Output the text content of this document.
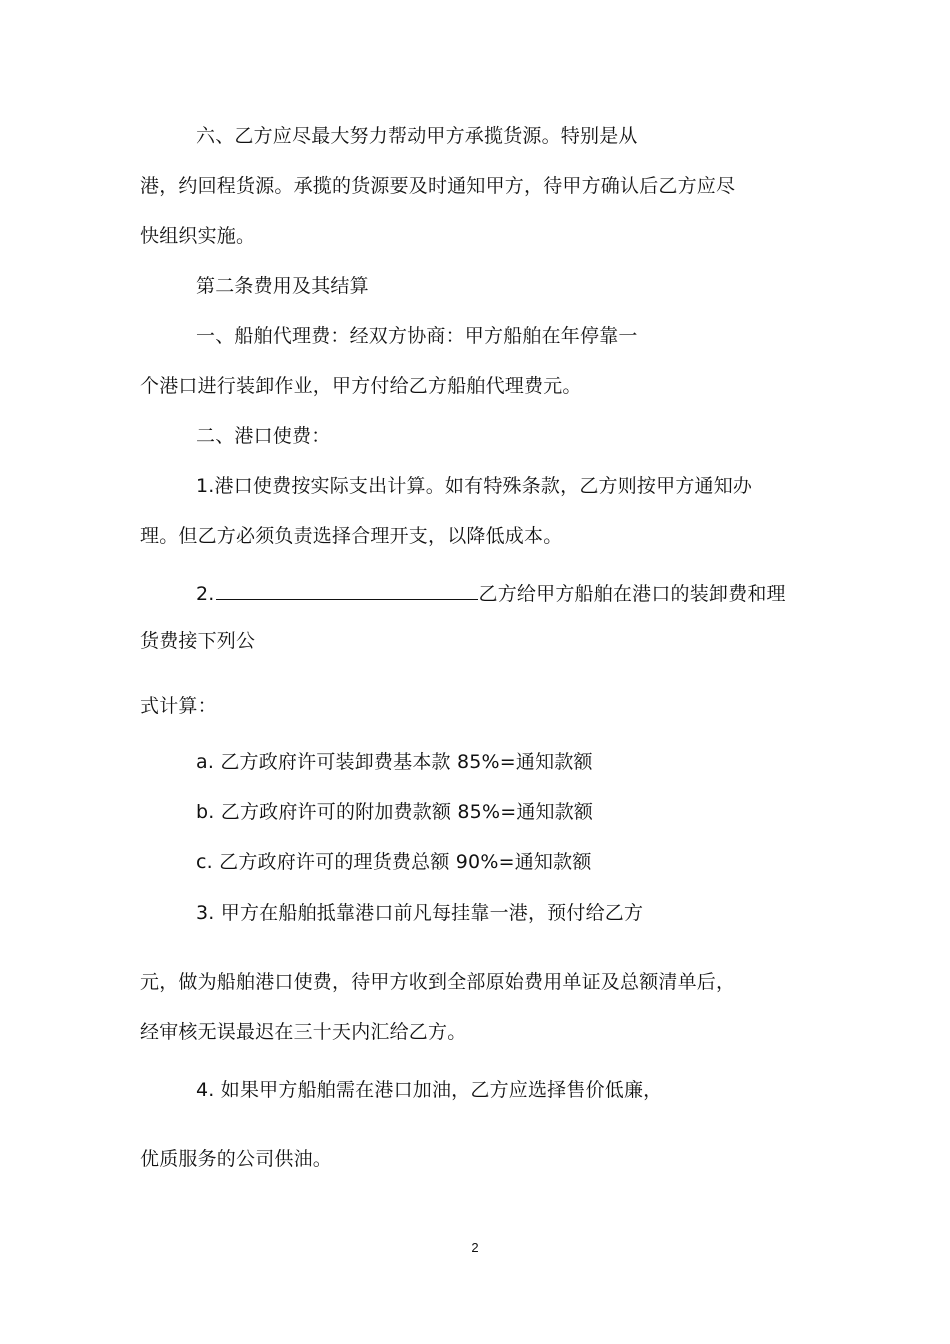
六、乙方应尽最大努力帮动甲方承揽货源。特别是从
港，约回程货源。承揽的货源要及时通知甲方，待甲方确认后乙方应尽
快组织实施。
第二条费用及其结算
一、船舶代理费：经双方协商：甲方船舶在年停靠一
个港口进行装卸作业，甲方付给乙方船舶代理费元。
二、港口使费：
1.港口使费按实际支出计算。如有特殊条款，乙方则按甲方通知办
理。但乙方必须负责选择合理开支，以降低成本。
2.	乙方给甲方船舶在港口的装卸费和理
货费接下列公
式计算：
a. 乙方政府许可装卸费基本款 85%=通知款额
b. 乙方政府许可的附加费款额 85%=通知款额
c. 乙方政府许可的理货费总额 90%=通知款额
3. 甲方在船舶抵靠港口前凡每挂靠一港，预付给乙方
元，做为船舶港口使费，待甲方收到全部原始费用单证及总额清单后，
经审核无误最迟在三十天内汇给乙方。
4. 如果甲方船舶需在港口加油，乙方应选择售价低廉，
优质服务的公司供油。
2
